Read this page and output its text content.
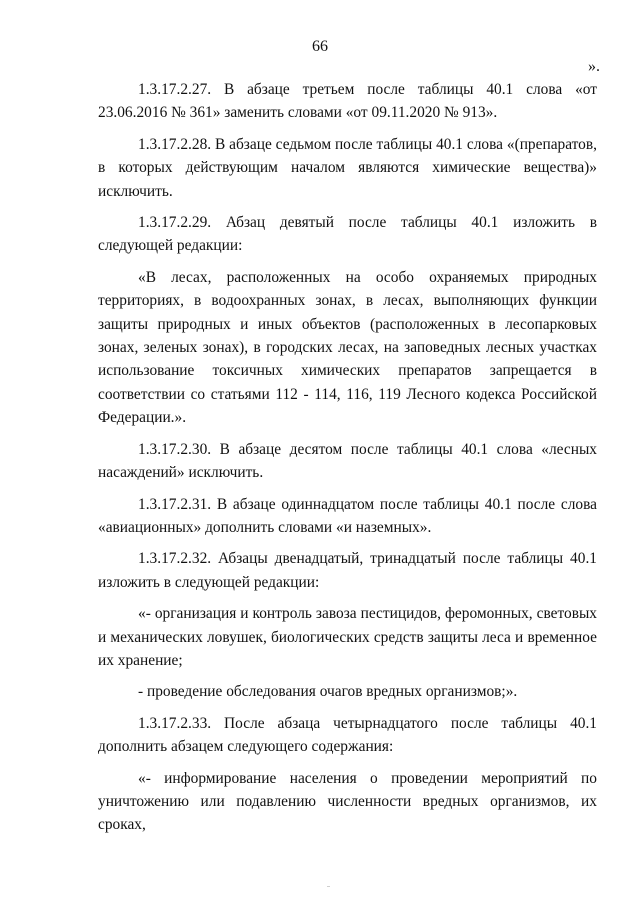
66
».

1.3.17.2.27. В абзаце третьем после таблицы 40.1 слова «от 23.06.2016 № 361» заменить словами «от 09.11.2020 № 913».

1.3.17.2.28. В абзаце седьмом после таблицы 40.1 слова «(препаратов, в которых действующим началом являются химические вещества)» исключить.

1.3.17.2.29. Абзац девятый после таблицы 40.1 изложить в следующей редакции:

«В лесах, расположенных на особо охраняемых природных территориях, в водоохранных зонах, в лесах, выполняющих функции защиты природных и иных объектов (расположенных в лесопарковых зонах, зеленых зонах), в городских лесах, на заповедных лесных участках использование токсичных химических препаратов запрещается в соответствии со статьями 112 - 114, 116, 119 Лесного кодекса Российской Федерации.».

1.3.17.2.30. В абзаце десятом после таблицы 40.1 слова «лесных насаждений» исключить.

1.3.17.2.31. В абзаце одиннадцатом после таблицы 40.1 после слова «авиационных» дополнить словами «и наземных».

1.3.17.2.32. Абзацы двенадцатый, тринадцатый после таблицы 40.1 изложить в следующей редакции:

«- организация и контроль завоза пестицидов, феромонных, световых и механических ловушек, биологических средств защиты леса и временное их хранение;

- проведение обследования очагов вредных организмов;».

1.3.17.2.33. После абзаца четырнадцатого после таблицы 40.1 дополнить абзацем следующего содержания:

«- информирование населения о проведении мероприятий по уничтожению или подавлению численности вредных организмов, их сроках,
